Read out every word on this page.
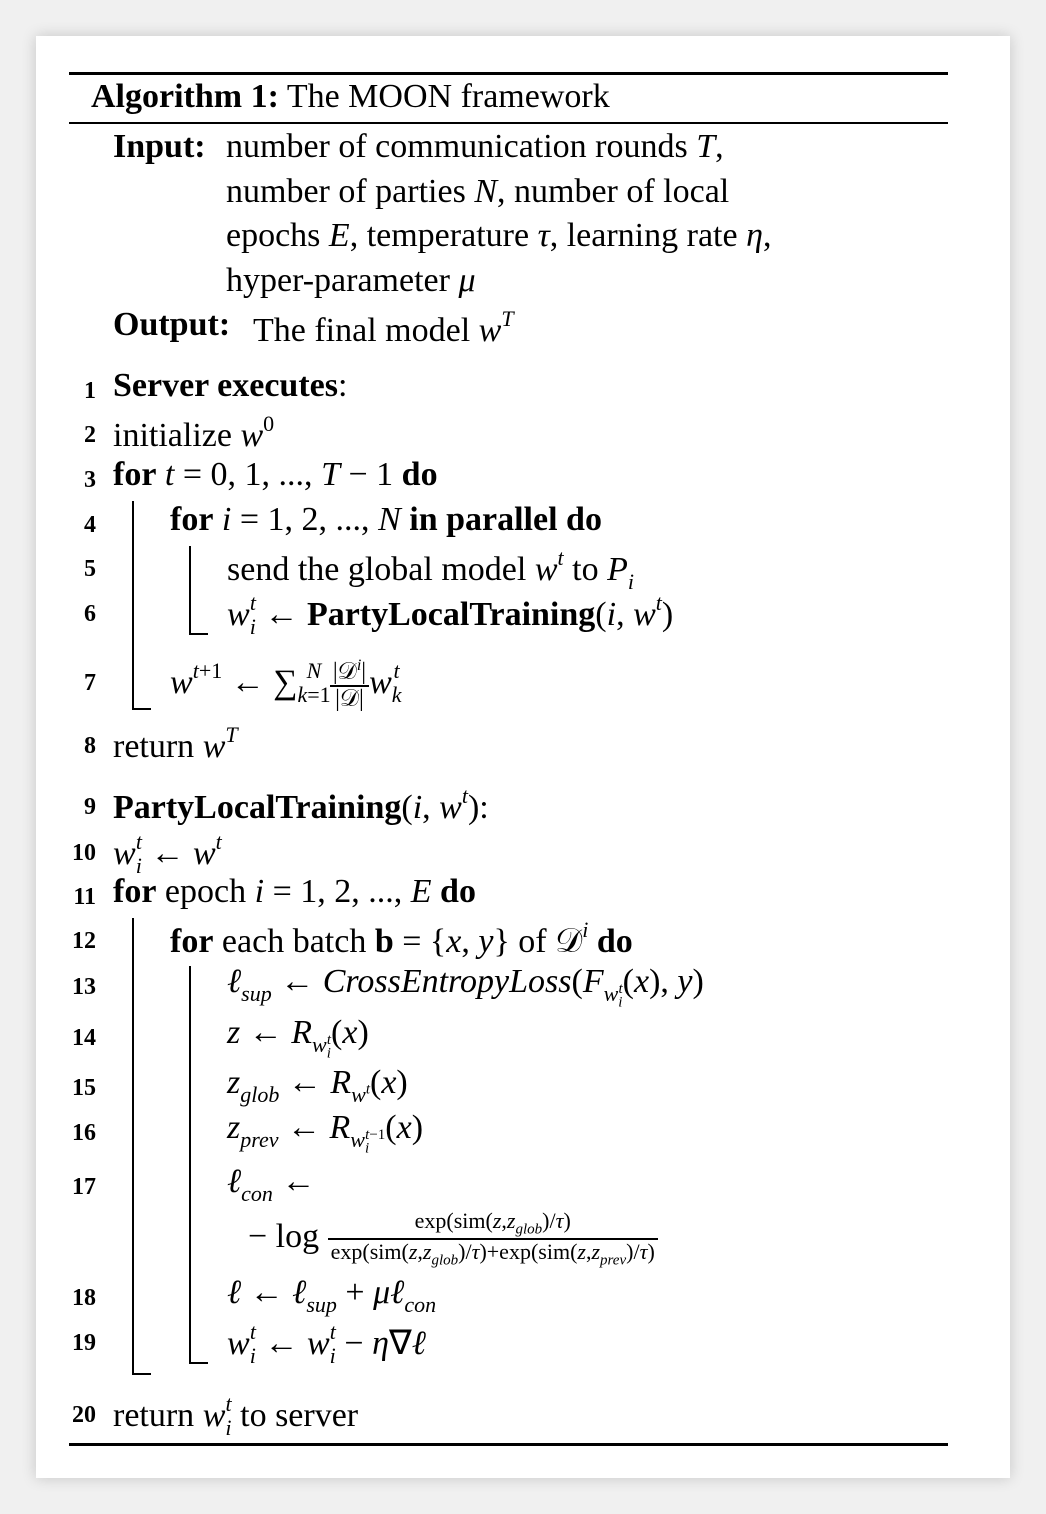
Algorithm 1: The MOON framework
Input: number of communication rounds T,
number of parties N, number of local
epochs E, temperature τ, learning rate η,
hyper-parameter μ
Output: The final model $w^T$
1
2
3
4
5
6
7
8
9
10
11
12
13
14
15
16
17
18
19
20
Server executes:
initialize $w^0$
for t = 0, 1, ..., T − 1 do
for i = 1, 2, ..., N in parallel do
send the global model $w^t$ to $P_i$
$w_i^t$ ← PartyLocalTraining(i, $w^t$)
$w^{t+1}$ ← $\sum_{k=1}^N \frac{|𝒟^i|}{\text{|𝒟|}} w_k^t$
return $w^T$
PartyLocalTraining(i, $w^t$):
$w_i^t$ ← $w^t$
for epoch i = 1, 2, ..., E do
for each batch b = {x, y} of 𝒟$^i$ do
ℓ$_{sup}$ ← $CrossEntropyLoss(F_{w_i^t}(x)$, y)
z ← $R_{w_i^t}(x)$
$z_{glob}$ ← $R_{w^t}(x)$
$z_{prev}$ ← $R_{w_i^{t-1}}(x)$
ℓ$_{con}$ ←
− $\log \frac{\exp(sim(z,z_{glob})/\tau)}{\exp(sim(z,z_{glob})/\tau)+\exp(sim(z,z_{prev})/\tau)}$
ℓ ← ℓ$_{sup}$ + μℓ$_{con}$
$w_i^t$ ← $w_i^t$ − η∇ℓ
return $w_i^t$ to server
